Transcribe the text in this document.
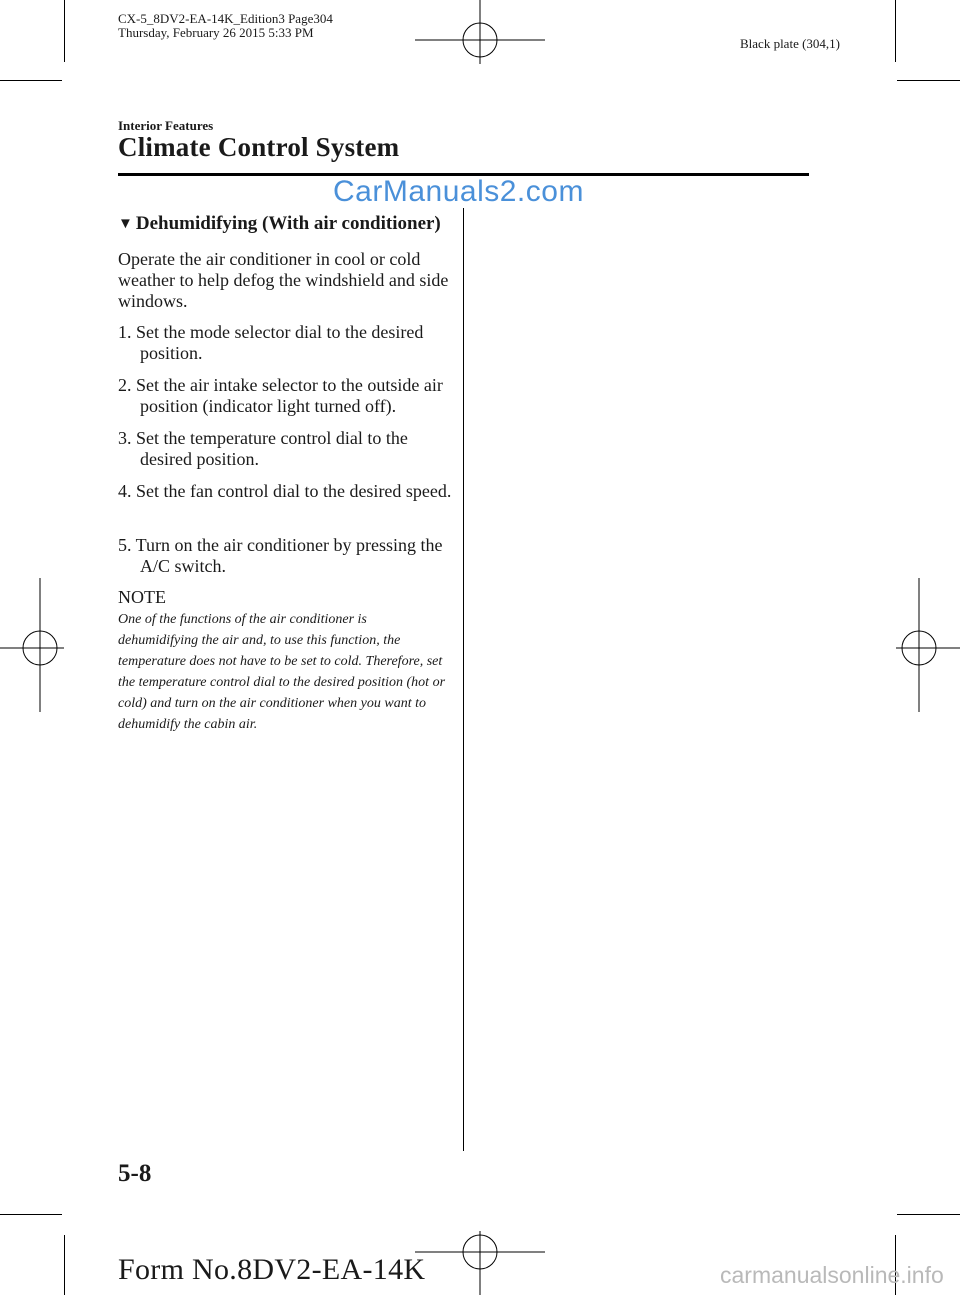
CX-5_8DV2-EA-14K_Edition3 Page304
Thursday, February 26 2015 5:33 PM
Black plate (304,1)
Interior Features
Climate Control System
CarManuals2.com
▼ Dehumidifying (With air conditioner)
Operate the air conditioner in cool or cold weather to help defog the windshield and side windows.
1. Set the mode selector dial to the desired position.
2. Set the air intake selector to the outside air position (indicator light turned off).
3. Set the temperature control dial to the desired position.
4. Set the fan control dial to the desired speed.
5. Turn on the air conditioner by pressing the A/C switch.
NOTE
One of the functions of the air conditioner is dehumidifying the air and, to use this function, the temperature does not have to be set to cold. Therefore, set the temperature control dial to the desired position (hot or cold) and turn on the air conditioner when you want to dehumidify the cabin air.
5-8
Form No.8DV2-EA-14K	carmanualsonline.info
